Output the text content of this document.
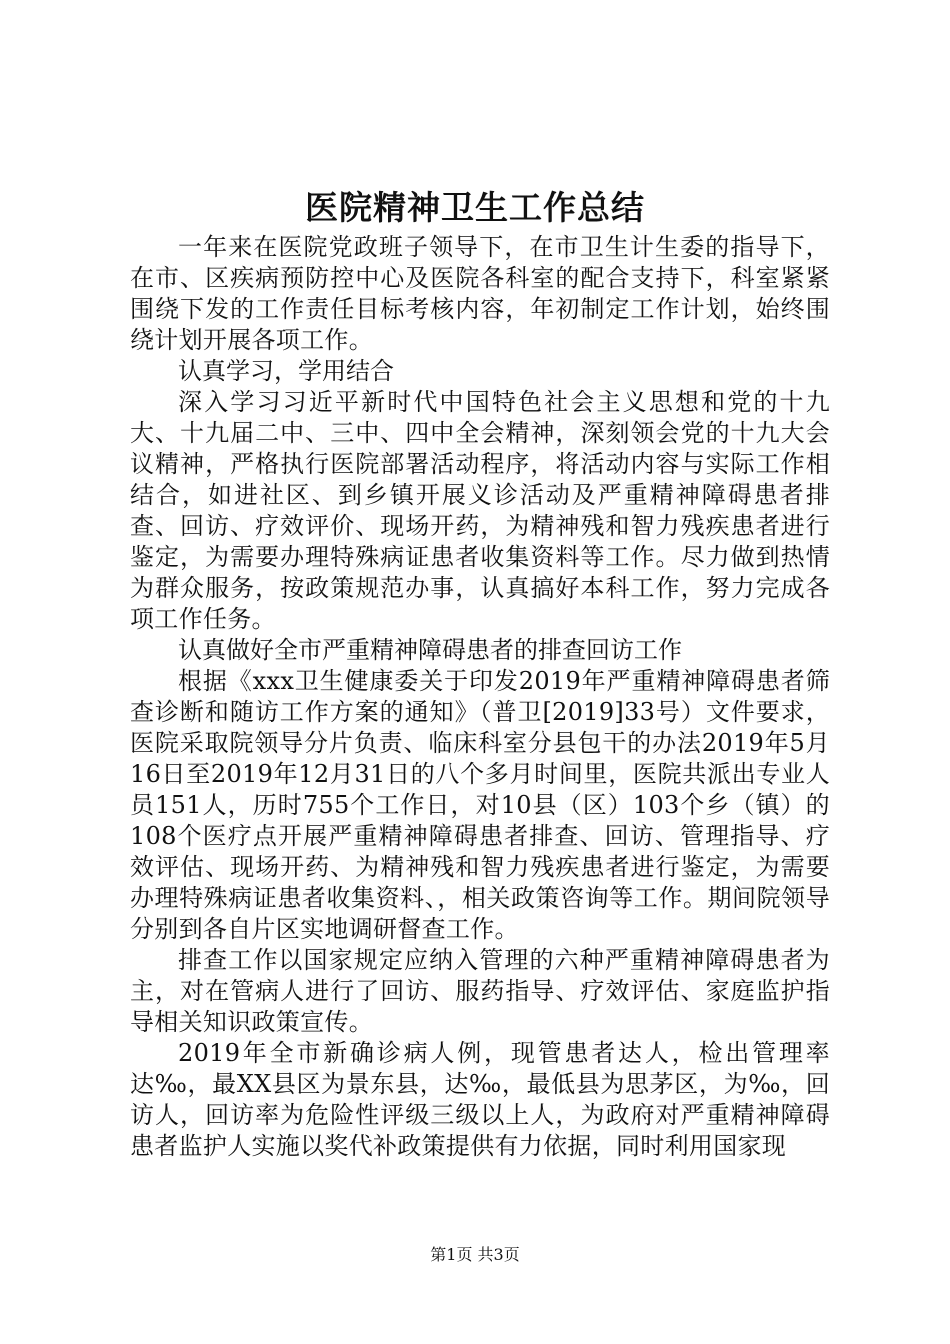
医院精神卫生工作总结

一年来在医院党政班子领导下，在市卫生计生委的指导下，在市、区疾病预防控中心及医院各科室的配合支持下，科室紧紧围绕下发的工作责任目标考核内容，年初制定工作计划，始终围绕计划开展各项工作。

认真学习，学用结合

深入学习习近平新时代中国特色社会主义思想和党的十九大、十九届二中、三中、四中全会精神，深刻领会党的十九大会议精神，严格执行医院部署活动程序，将活动内容与实际工作相结合，如进社区、到乡镇开展义诊活动及严重精神障碍患者排查、回访、疗效评价、现场开药，为精神残和智力残疾患者进行鉴定，为需要办理特殊病证患者收集资料等工作。尽力做到热情为群众服务，按政策规范办事，认真搞好本科工作，努力完成各项工作任务。

认真做好全市严重精神障碍患者的排查回访工作

根据《xxx卫生健康委关于印发2019年严重精神障碍患者筛查诊断和随访工作方案的通知》（普卫[2019]33号）文件要求，医院采取院领导分片负责、临床科室分县包干的办法2019年5月16日至2019年12月31日的八个多月时间里，医院共派出专业人员151人，历时755个工作日，对10县（区）103个乡（镇）的108个医疗点开展严重精神障碍患者排查、回访、管理指导、疗效评估、现场开药、为精神残和智力残疾患者进行鉴定，为需要办理特殊病证患者收集资料、，相关政策咨询等工作。期间院领导分别到各自片区实地调研督查工作。

排查工作以国家规定应纳入管理的六种严重精神障碍患者为主，对在管病人进行了回访、服药指导、疗效评估、家庭监护指导相关知识政策宣传。

2019年全市新确诊病人例，现管患者达人，检出管理率达‰，最XX县区为景东县，达‰，最低县为思茅区，为‰，回访人，回访率为危险性评级三级以上人，为政府对严重精神障碍患者监护人实施以奖代补政策提供有力依据，同时利用国家现

第1页 共3页
